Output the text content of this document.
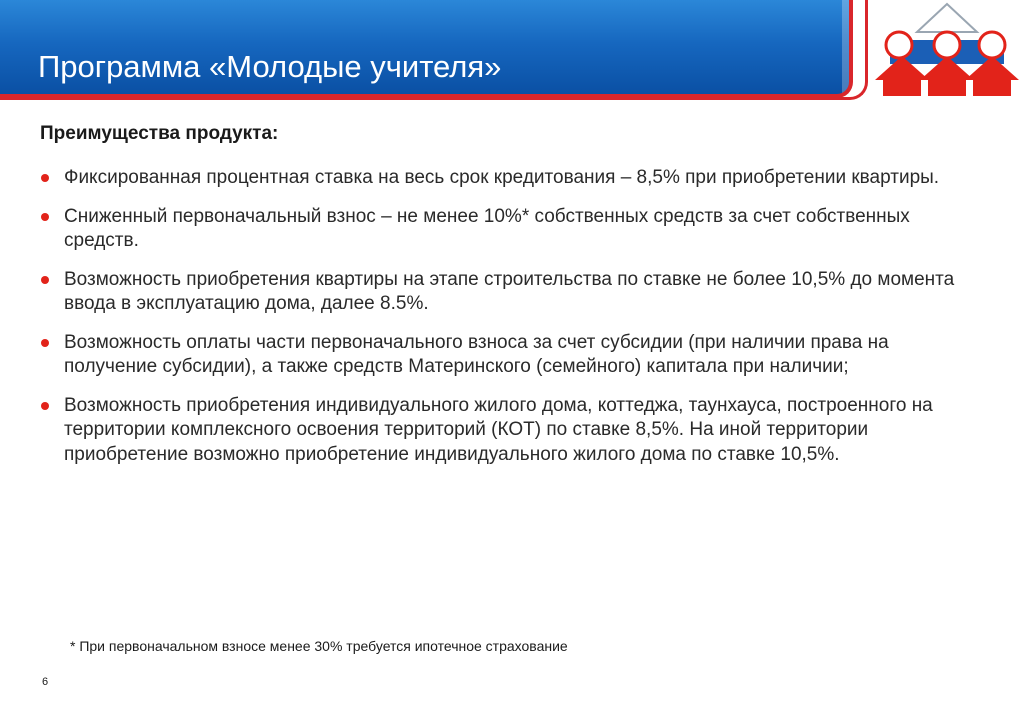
Программа «Молодые учителя»
Преимущества продукта:
Фиксированная процентная ставка на весь срок кредитования – 8,5% при приобретении квартиры.
Сниженный первоначальный взнос – не менее 10%* собственных средств за счет собственных средств.
Возможность приобретения квартиры на этапе строительства по ставке не более 10,5% до момента ввода в эксплуатацию дома, далее 8.5%.
Возможность оплаты части первоначального взноса за счет субсидии (при наличии права на получение субсидии), а также средств Материнского (семейного) капитала при наличии;
Возможность приобретения индивидуального жилого дома, коттеджа, таунхауса, построенного на территории комплексного освоения территорий (КОТ) по ставке 8,5%. На иной территории приобретение возможно приобретение индивидуального жилого дома по ставке 10,5%.
* При первоначальном взносе менее 30% требуется ипотечное страхование
6
